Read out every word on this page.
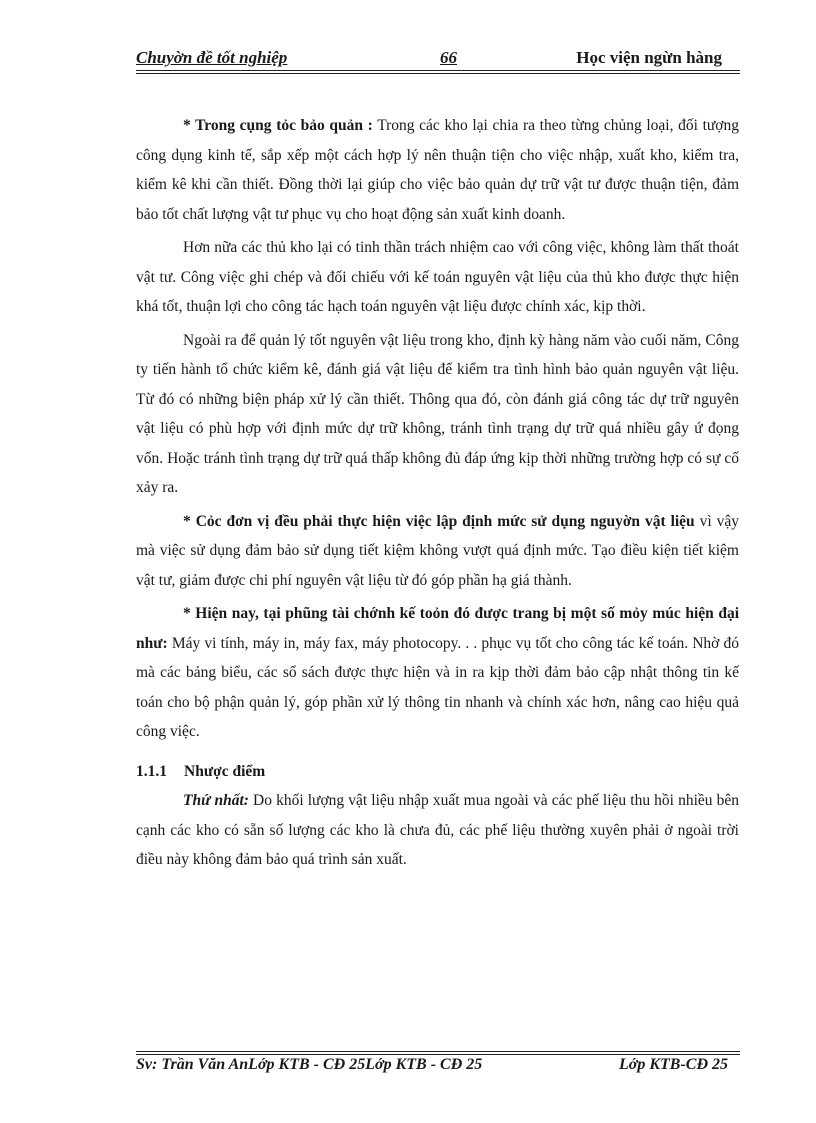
Chuyờn đề tốt nghiệp	66	Học viện ngừn hàng

* Trong cụng tỏc bảo quản : Trong các kho lại chia ra theo từng chủng loại, đối tượng công dụng kinh tế, sắp xếp một cách hợp lý nên thuận tiện cho việc nhập, xuất kho, kiểm tra, kiểm kê khi cần thiết. Đồng thời lại giúp cho việc bảo quản dự trữ vật tư được thuận tiện, đảm bảo tốt chất lượng vật tư phục vụ cho hoạt động sản xuất kinh doanh.

Hơn nữa các thủ kho lại có tinh thần trách nhiệm cao với công việc, không làm thất thoát vật tư. Công việc ghi chép và đối chiếu với kế toán nguyên vật liệu của thủ kho được thực hiện khá tốt, thuận lợi cho công tác hạch toán nguyên vật liệu được chính xác, kịp thời.

Ngoài ra để quản lý tốt nguyên vật liệu trong kho, định kỳ hàng năm vào cuối năm, Công ty tiến hành tổ chức kiểm kê, đánh giá vật liệu để kiểm tra tình hình bảo quản nguyên vật liệu. Từ đó có những biện pháp xử lý cần thiết. Thông qua đó, còn đánh giá công tác dự trữ nguyên vật liệu có phù hợp với định mức dự trữ không, tránh tình trạng dự trữ quá nhiều gây ứ đọng vốn. Hoặc tránh tình trạng dự trữ quá thấp không đủ đáp ứng kịp thời những trường hợp có sự cố xảy ra.

* Cỏc đơn vị đều phải thực hiện việc lập định mức sử dụng nguyờn vật liệu vì vậy mà việc sử dụng đảm bảo sử dụng tiết kiệm không vượt quá định mức. Tạo điều kiện tiết kiệm vật tư, giảm được chi phí nguyên vật liệu từ đó góp phần hạ giá thành.

* Hiện nay, tại phũng tài chớnh kế toỏn đó được trang bị một số mỏy múc hiện đại như: Máy vi tính, máy in, máy fax, máy photocopy. . . phục vụ tốt cho công tác kế toán. Nhờ đó mà các bảng biểu, các sổ sách được thực hiện và in ra kịp thời đảm bảo cập nhật thông tin kế toán cho bộ phận quản lý, góp phần xử lý thông tin nhanh và chính xác hơn, nâng cao hiệu quả công việc.

1.1.1 Nhược điểm

Thứ nhất: Do khối lượng vật liệu nhập xuất mua ngoài và các phế liệu thu hồi nhiều bên cạnh các kho có sẵn số lượng các kho là chưa đủ, các phế liệu thường xuyên phải ở ngoài trời điều này không đảm bảo quá trình sản xuất.

Sv: Trần Văn AnLớp KTB - CĐ 25Lớp KTB - CĐ 25	Lớp KTB-CĐ 25
